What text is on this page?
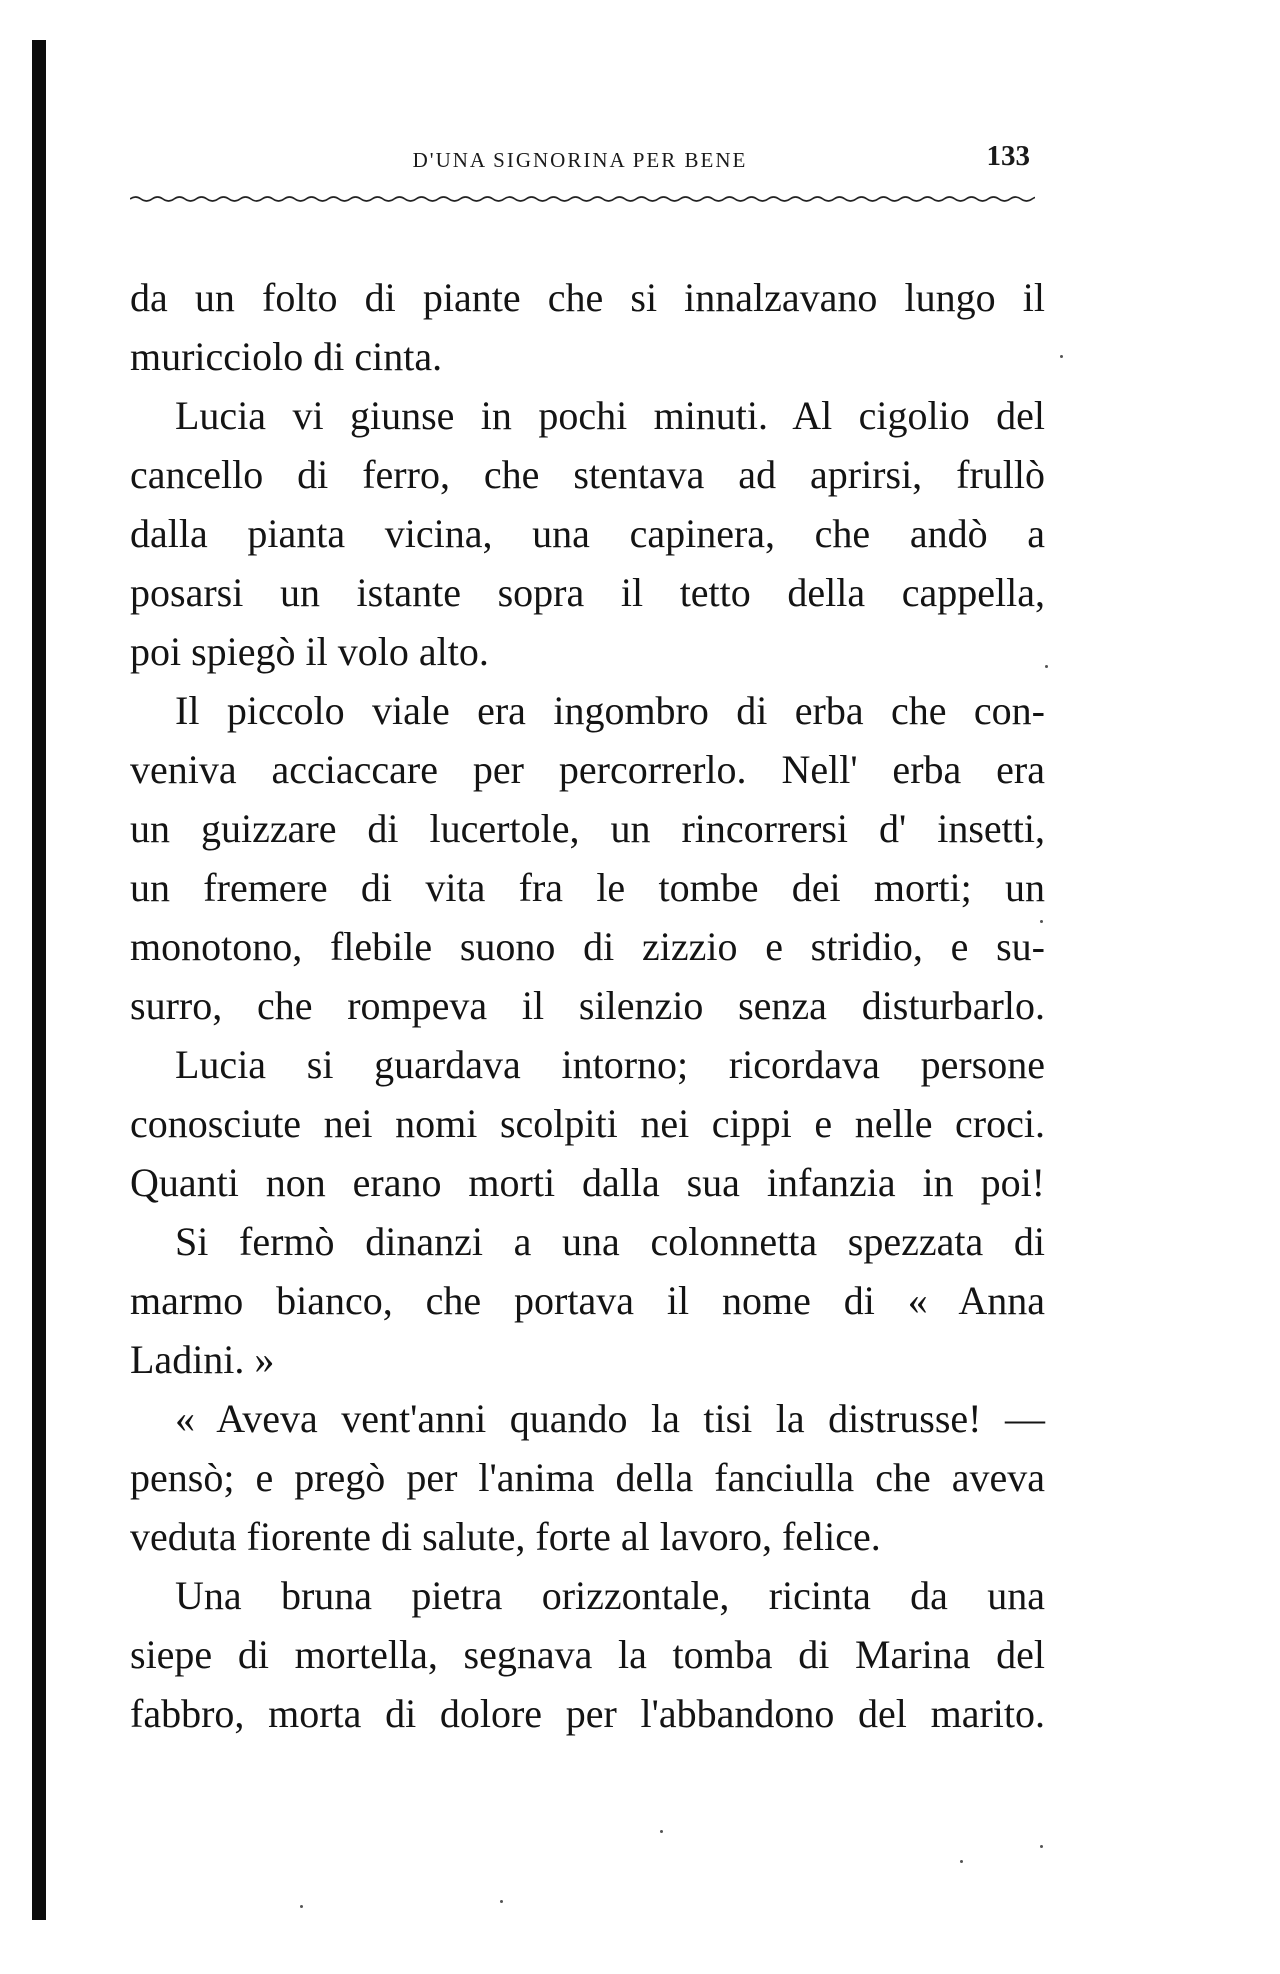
D'UNA SIGNORINA PER BENE	133
da un folto di piante che si innalzavano lungo il
muricciolo di cinta.
Lucia vi giunse in pochi minuti. Al cigolio del
cancello di ferro, che stentava ad aprirsi, frullò
dalla pianta vicina, una capinera, che andò a
posarsi un istante sopra il tetto della cappella,
poi spiegò il volo alto.
Il piccolo viale era ingombro di erba che con-
veniva acciaccare per percorrerlo. Nell' erba era
un guizzare di lucertole, un rincorrersi d' insetti,
un fremere di vita fra le tombe dei morti; un
monotono, flebile suono di zizzio e stridio, e su-
surro, che rompeva il silenzio senza disturbarlo.
Lucia si guardava intorno; ricordava persone
conosciute nei nomi scolpiti nei cippi e nelle croci.
Quanti non erano morti dalla sua infanzia in poi!
Si fermò dinanzi a una colonnetta spezzata di
marmo bianco, che portava il nome di « Anna
Ladini. »
« Aveva vent'anni quando la tisi la distrusse! —
pensò; e pregò per l'anima della fanciulla che aveva
veduta fiorente di salute, forte al lavoro, felice.
Una bruna pietra orizzontale, ricinta da una
siepe di mortella, segnava la tomba di Marina del
fabbro, morta di dolore per l'abbandono del marito.
